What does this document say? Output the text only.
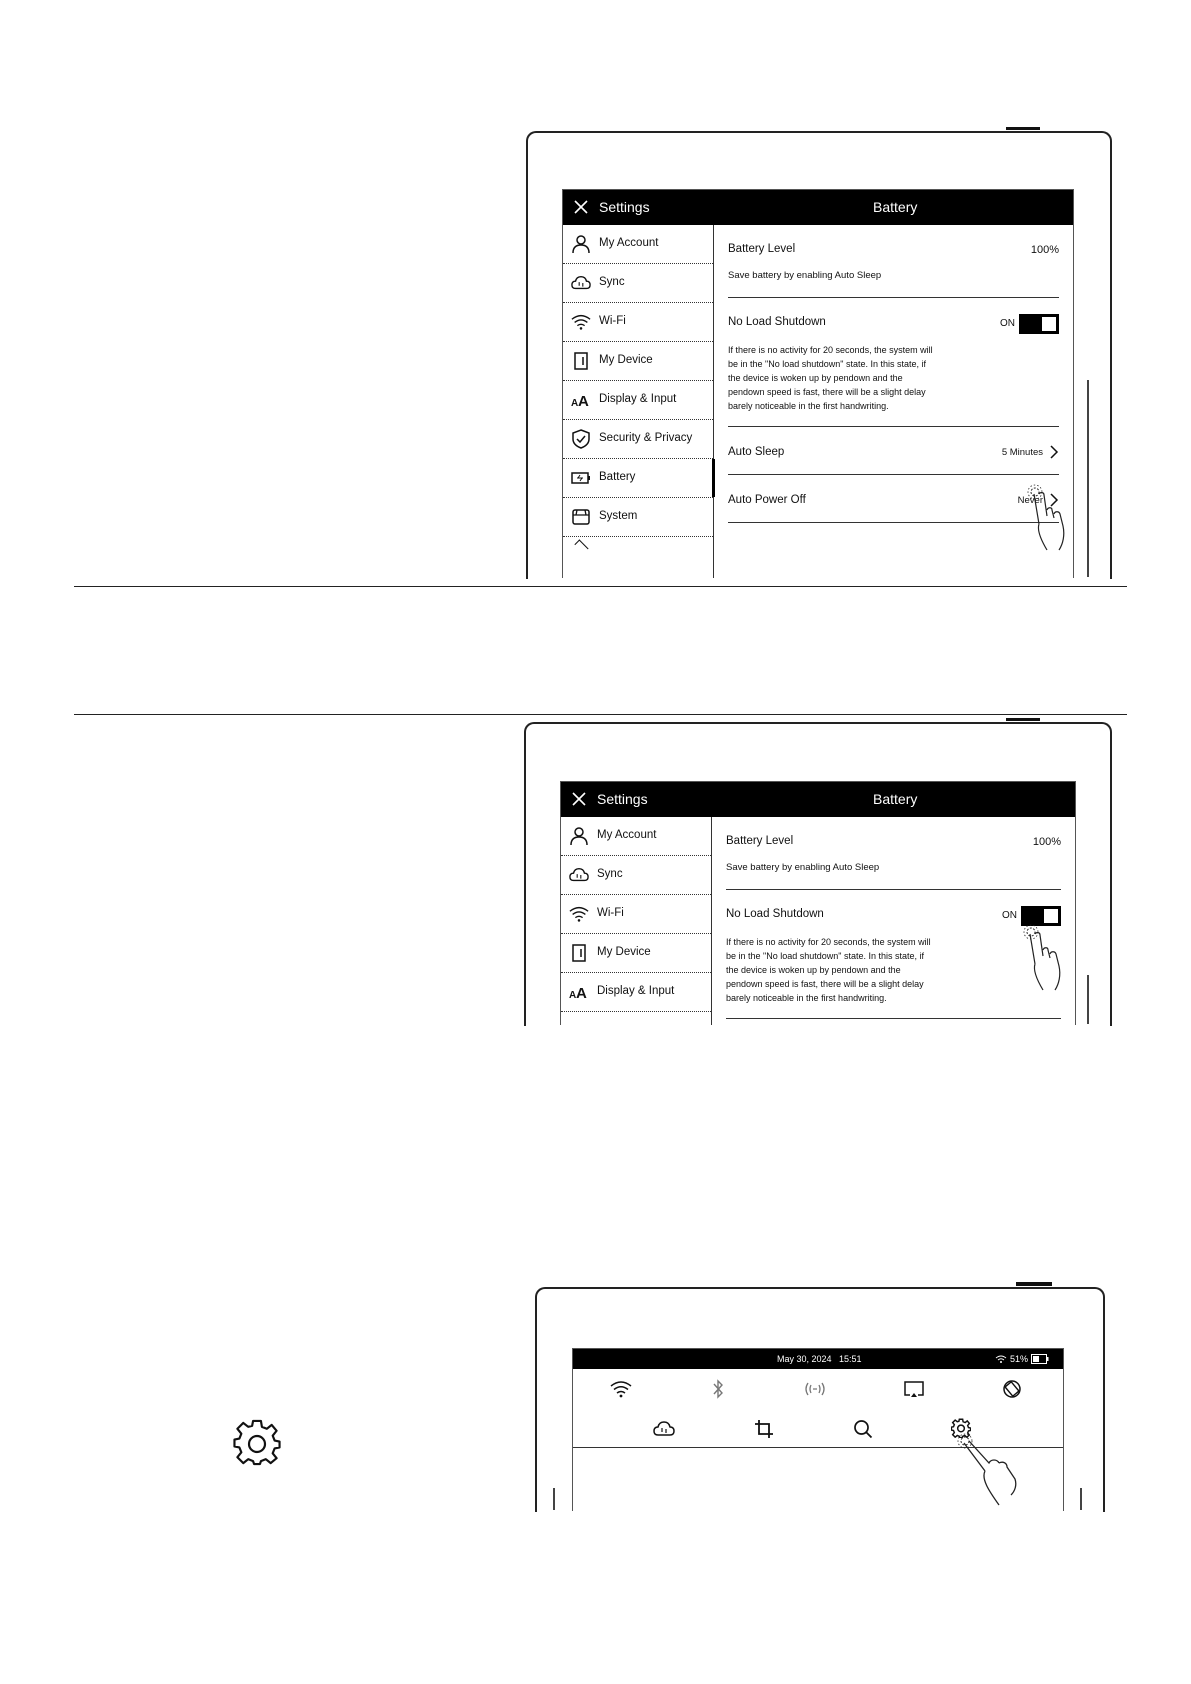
Settings	Battery
My Account
Sync
Wi-Fi
My Device
A A Display & Input
Security & Privacy
Battery
System
Battery Level	100%
Save battery by enabling Auto Sleep
No Load Shutdown	ON
If there is no activity for 20 seconds, the system will be in the "No load shutdown" state. In this state, if the device is woken up by pendown and the pendown speed is fast, there will be a slight delay barely noticeable in the first handwriting.
Auto Sleep	5 Minutes
Auto Power Off	Never
Settings	Battery
My Account
Sync
Wi-Fi
My Device
A A Display & Input
Battery Level	100%
Save battery by enabling Auto Sleep
No Load Shutdown	ON
If there is no activity for 20 seconds, the system will be in the "No load shutdown" state. In this state, if the device is woken up by pendown and the pendown speed is fast, there will be a slight delay barely noticeable in the first handwriting.
May 30, 2024   15:51	51%
